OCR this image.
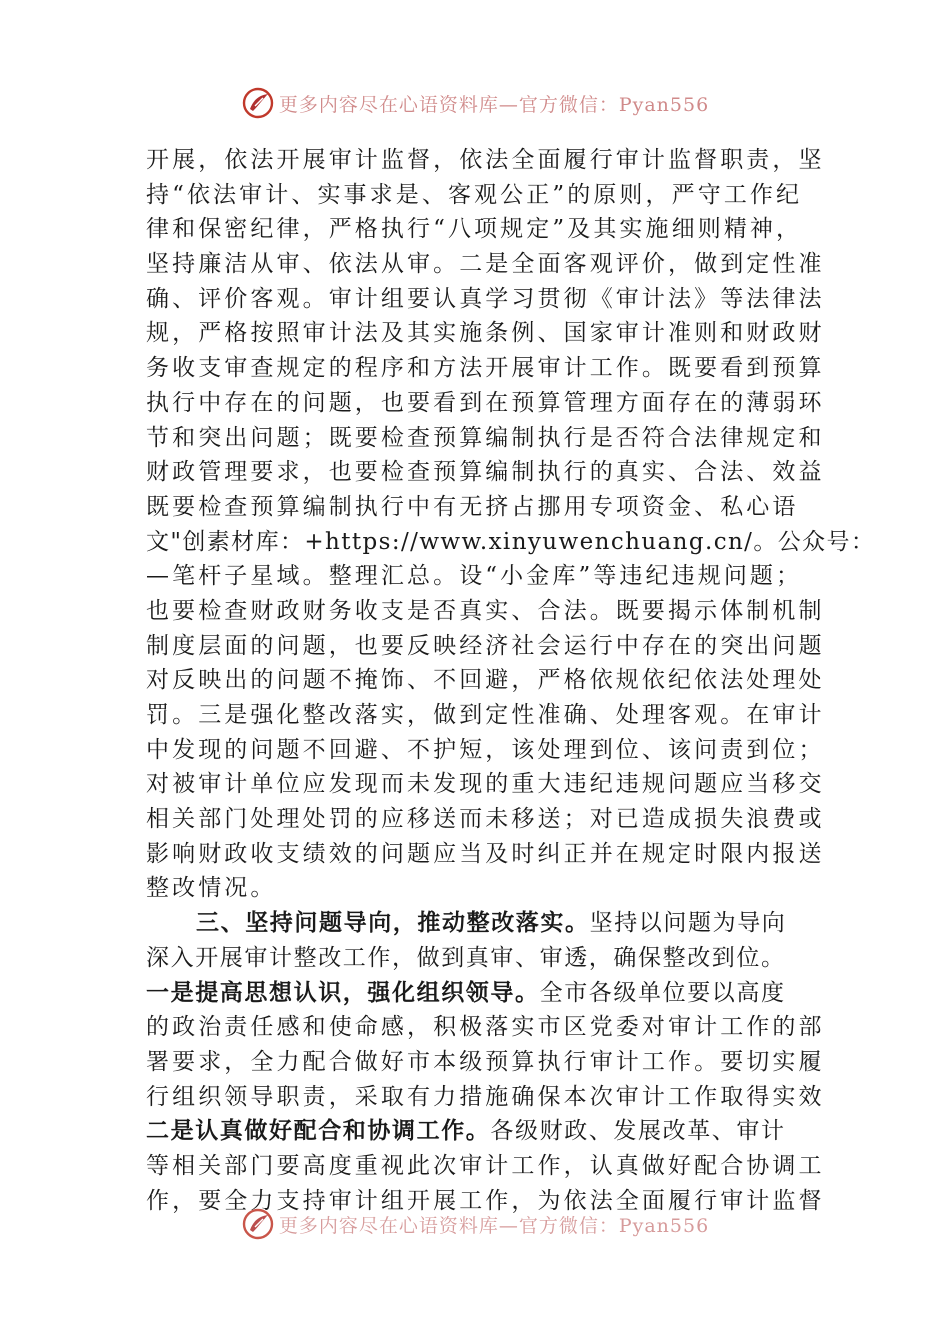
更多内容尽在心语资料库—官方微信：Pyan556
开展，依法开展审计监督，依法全面履行审计监督职责，坚
持“依法审计、实事求是、客观公正”的原则，严守工作纪
律和保密纪律，严格执行“八项规定”及其实施细则精神，
坚持廉洁从审、依法从审。二是全面客观评价，做到定性准
确、评价客观。审计组要认真学习贯彻《审计法》等法律法
规，严格按照审计法及其实施条例、国家审计准则和财政财
务收支审查规定的程序和方法开展审计工作。既要看到预算
执行中存在的问题，也要看到在预算管理方面存在的薄弱环
节和突出问题；既要检查预算编制执行是否符合法律规定和
财政管理要求，也要检查预算编制执行的真实、合法、效益
既要检查预算编制执行中有无挤占挪用专项资金、私心语
文"创素材库：+https://www.xinyuwenchuang.cn/。公众号：
—笔杆子星域。整理汇总。设“小金库”等违纪违规问题；
也要检查财政财务收支是否真实、合法。既要揭示体制机制
制度层面的问题，也要反映经济社会运行中存在的突出问题
对反映出的问题不掩饰、不回避，严格依规依纪依法处理处
罚。三是强化整改落实，做到定性准确、处理客观。在审计
中发现的问题不回避、不护短，该处理到位、该问责到位；
对被审计单位应发现而未发现的重大违纪违规问题应当移交
相关部门处理处罚的应移送而未移送；对已造成损失浪费或
影响财政收支绩效的问题应当及时纠正并在规定时限内报送
整改情况。
三、坚持问题导向，推动整改落实。坚持以问题为导向
深入开展审计整改工作，做到真审、审透，确保整改到位。
一是提高思想认识，强化组织领导。全市各级单位要以高度
的政治责任感和使命感，积极落实市区党委对审计工作的部
署要求，全力配合做好市本级预算执行审计工作。要切实履
行组织领导职责，采取有力措施确保本次审计工作取得实效
二是认真做好配合和协调工作。各级财政、发展改革、审计
等相关部门要高度重视此次审计工作，认真做好配合协调工
作，要全力支持审计组开展工作，为依法全面履行审计监督
更多内容尽在心语资料库—官方微信：Pyan556
